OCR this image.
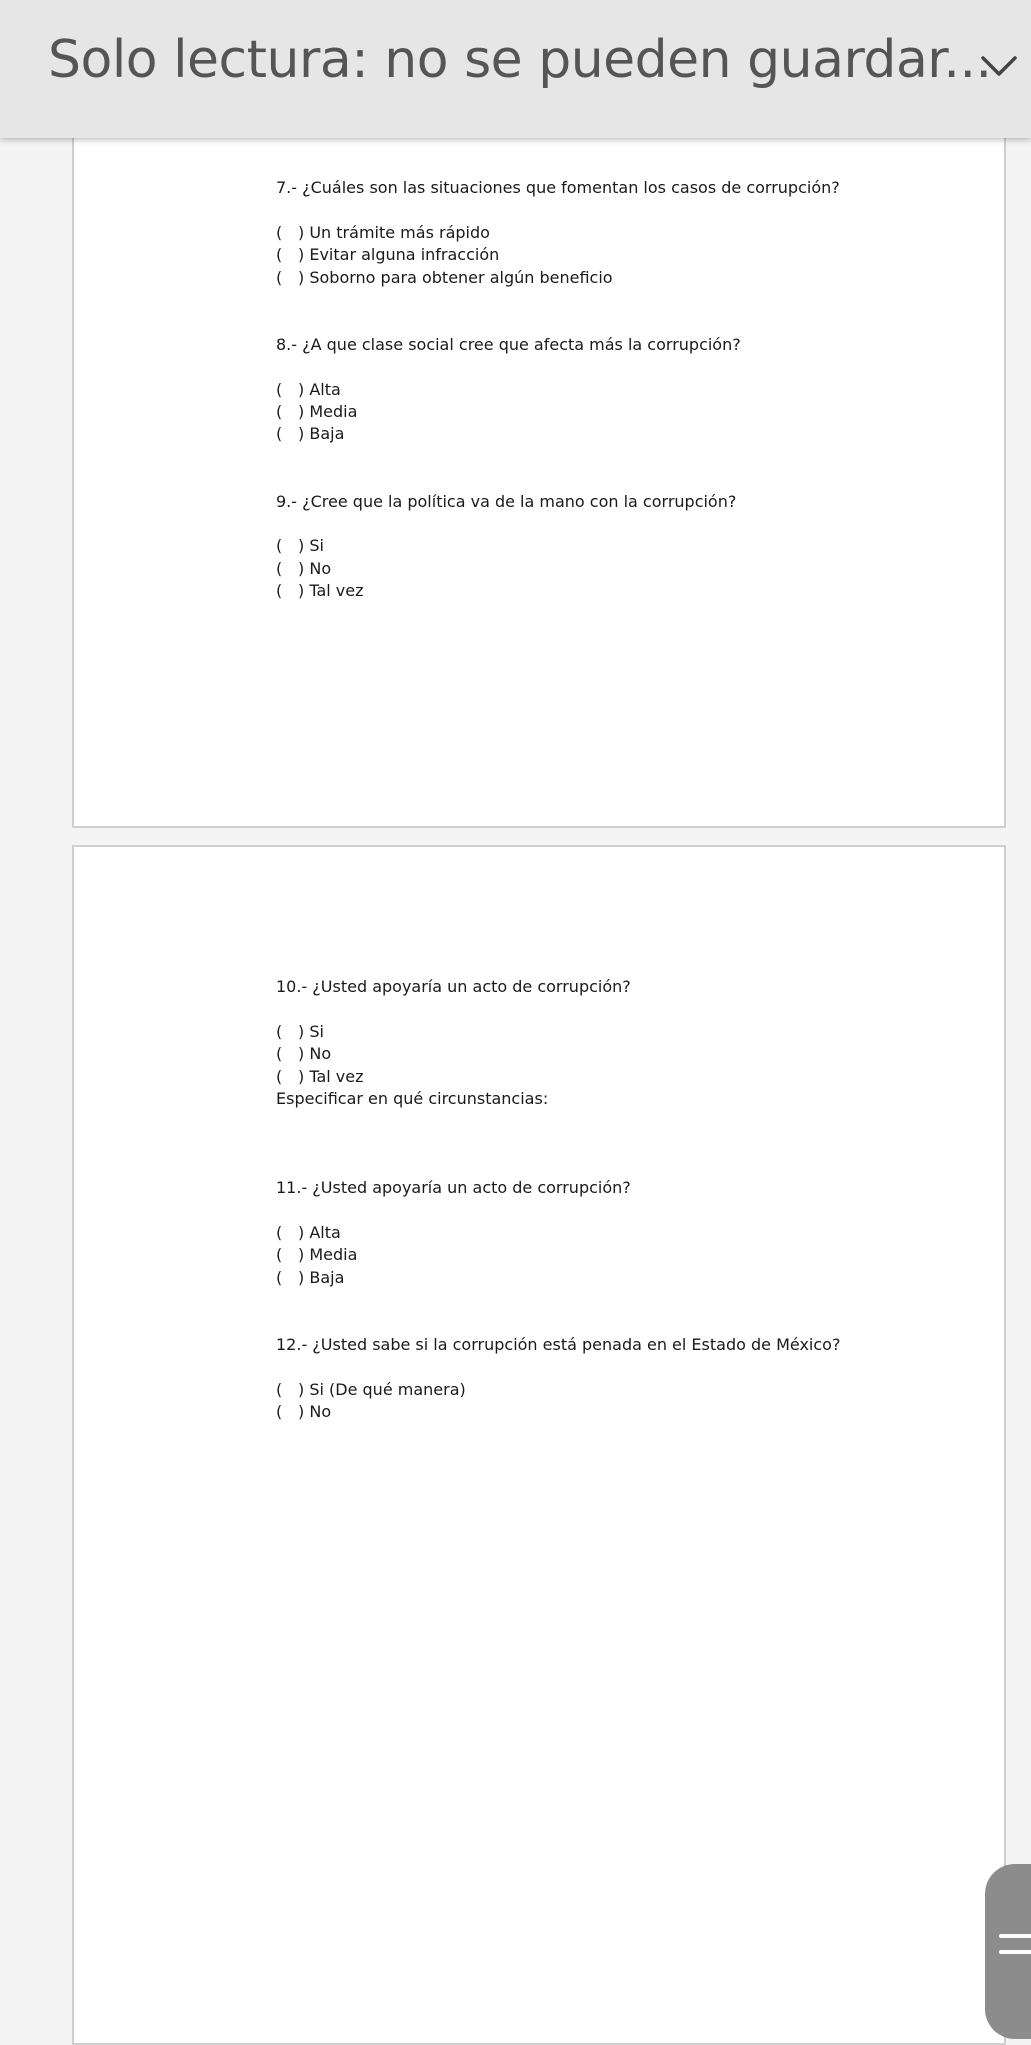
Solo lectura: no se pueden guardar...
7.- ¿Cuáles son las situaciones que fomentan los casos de corrupción?
( ) Un trámite más rápido
( ) Evitar alguna infracción
( ) Soborno para obtener algún beneficio
8.- ¿A que clase social cree que afecta más la corrupción?
( ) Alta
( ) Media
( ) Baja
9.- ¿Cree que la política va de la mano con la corrupción?
( ) Si
( ) No
( ) Tal vez
10.- ¿Usted apoyaría un acto de corrupción?
( ) Si
( ) No
( ) Tal vez
Especificar en qué circunstancias:
11.- ¿Usted apoyaría un acto de corrupción?
( ) Alta
( ) Media
( ) Baja
12.- ¿Usted sabe si la corrupción está penada en el Estado de México?
( ) Si (De qué manera)
( ) No
